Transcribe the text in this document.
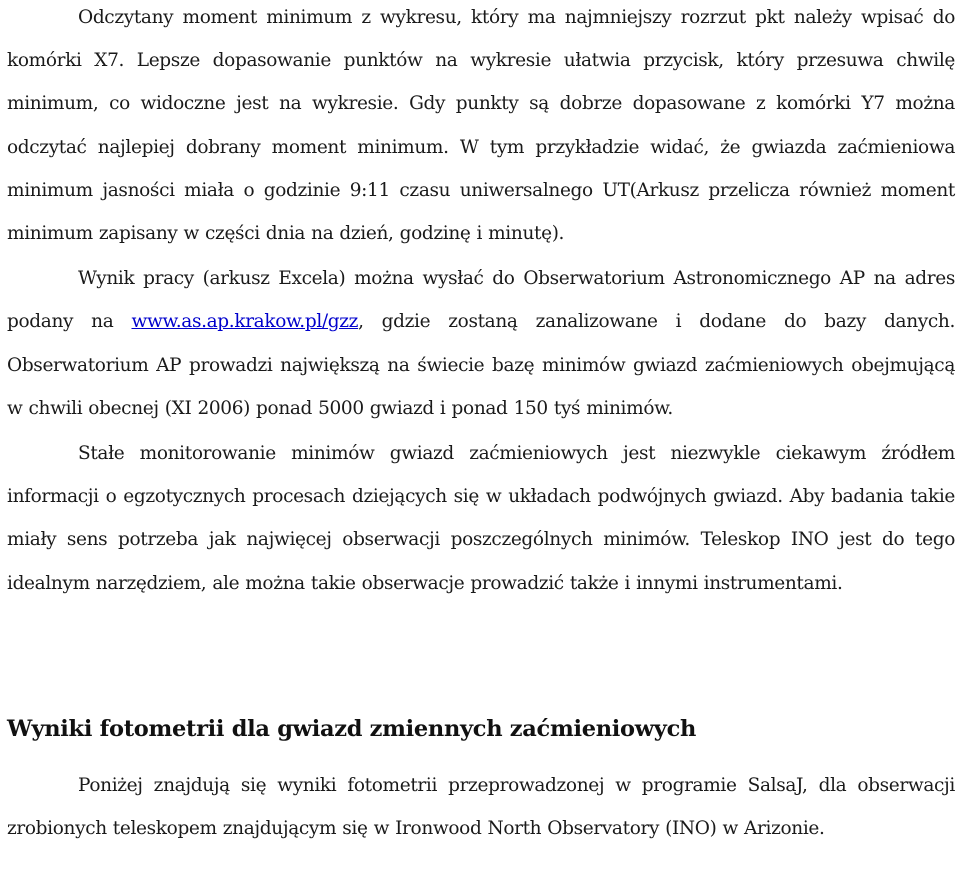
Odczytany moment minimum z wykresu, który ma najmniejszy rozrzut pkt należy wpisać do komórki X7. Lepsze dopasowanie punktów na wykresie ułatwia przycisk, który przesuwa chwilę minimum, co widoczne jest na wykresie. Gdy punkty są dobrze dopasowane z komórki Y7 można odczytać najlepiej dobrany moment minimum. W tym przykładzie widać, że gwiazda zaćmieniowa minimum jasności miała o godzinie 9:11 czasu uniwersalnego UT(Arkusz przelicza również moment minimum zapisany w części dnia na dzień, godzinę i minutę).

Wynik pracy (arkusz Excela) można wysłać do Obserwatorium Astronomicznego AP na adres podany na www.as.ap.krakow.pl/gzz, gdzie zostaną zanalizowane i dodane do bazy danych. Obserwatorium AP prowadzi największą na świecie bazę minimów gwiazd zaćmieniowych obejmującą w chwili obecnej (XI 2006) ponad 5000 gwiazd i ponad 150 tyś minimów.

Stałe monitorowanie minimów gwiazd zaćmieniowych jest niezwykle ciekawym źródłem informacji o egzotycznych procesach dziejących się w układach podwójnych gwiazd. Aby badania takie miały sens potrzeba jak najwięcej obserwacji poszczególnych minimów. Teleskop INO jest do tego idealnym narzędziem, ale można takie obserwacje prowadzić także i innymi instrumentami.

Wyniki fotometrii dla gwiazd zmiennych zaćmieniowych

Poniżej znajdują się wyniki fotometrii przeprowadzonej w programie SalsaJ, dla obserwacji zrobionych teleskopem znajdującym się w Ironwood North Observatory (INO) w Arizonie.
